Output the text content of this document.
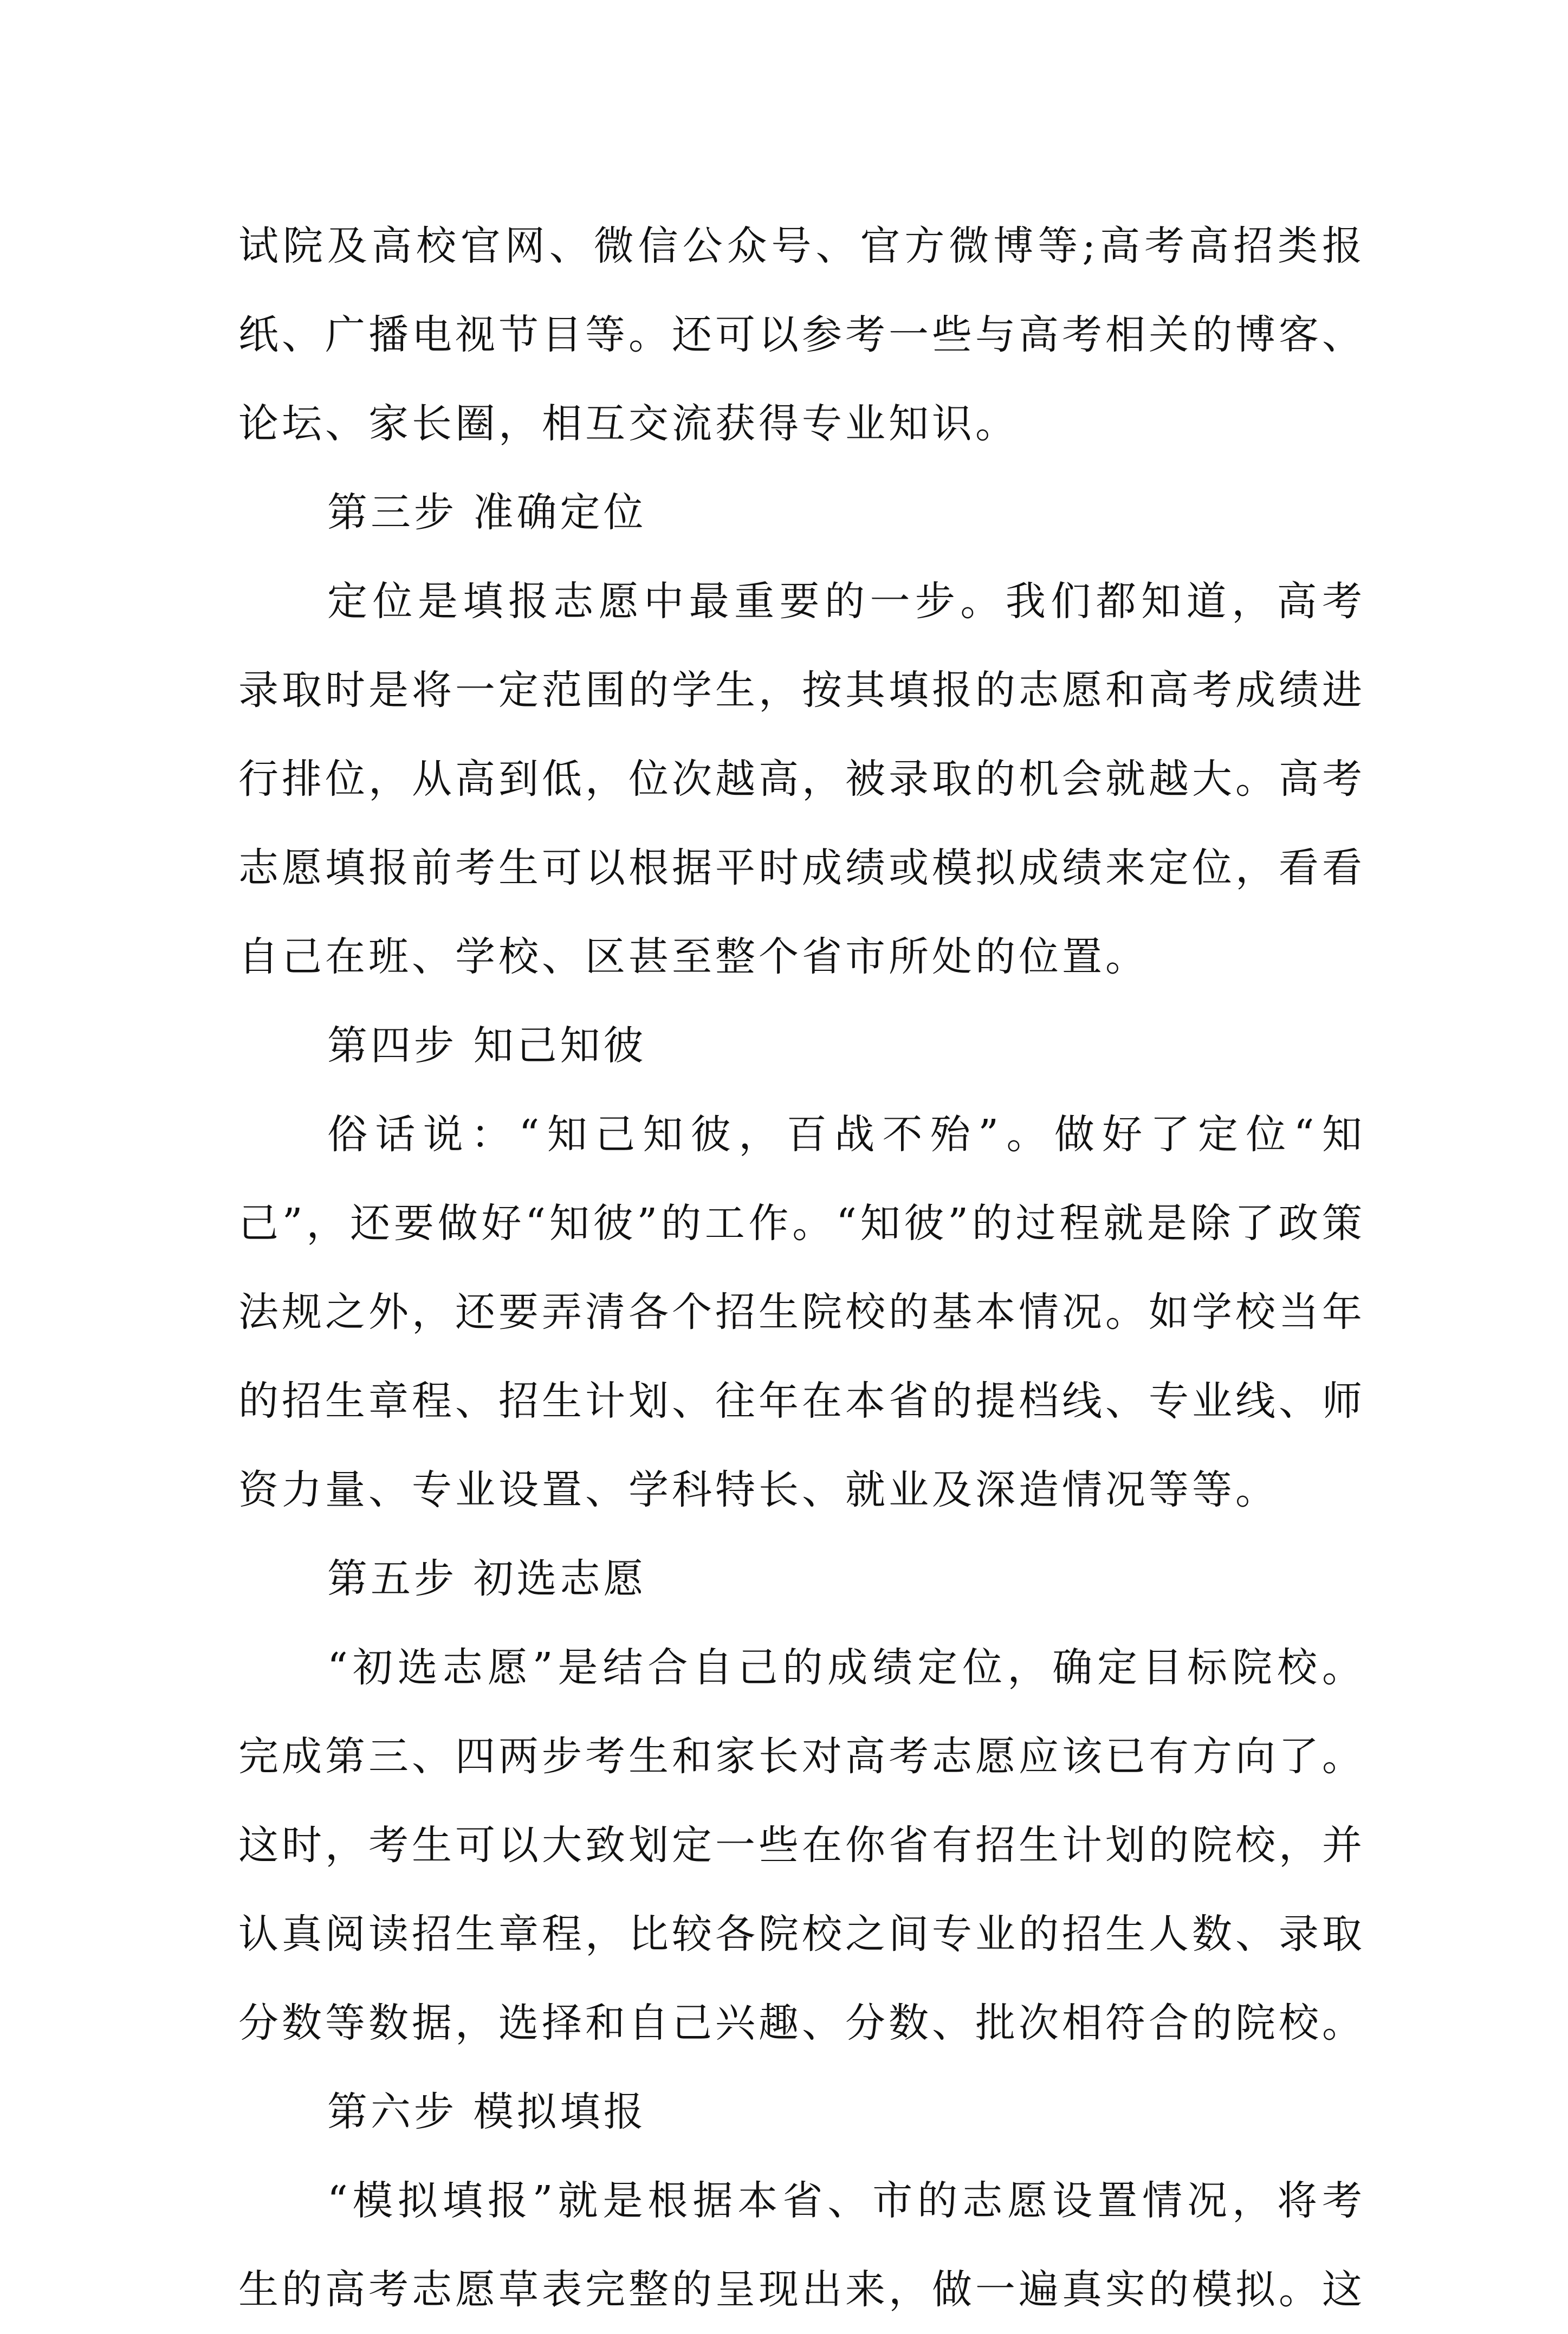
试院及高校官网、微信公众号、官方微博等;高考高招类报纸、广播电视节目等。还可以参考一些与高考相关的博客、论坛、家长圈，相互交流获得专业知识。

第三步 准确定位

定位是填报志愿中最重要的一步。我们都知道，高考录取时是将一定范围的学生，按其填报的志愿和高考成绩进行排位，从高到低，位次越高，被录取的机会就越大。高考志愿填报前考生可以根据平时成绩或模拟成绩来定位，看看自己在班、学校、区甚至整个省市所处的位置。

第四步 知己知彼

俗话说：“知己知彼，百战不殆”。做好了定位“知己”，还要做好“知彼”的工作。“知彼”的过程就是除了政策法规之外，还要弄清各个招生院校的基本情况。如学校当年的招生章程、招生计划、往年在本省的提档线、专业线、师资力量、专业设置、学科特长、就业及深造情况等等。

第五步 初选志愿

“初选志愿”是结合自己的成绩定位，确定目标院校。完成第三、四两步考生和家长对高考志愿应该已有方向了。这时，考生可以大致划定一些在你省有招生计划的院校，并认真阅读招生章程，比较各院校之间专业的招生人数、录取分数等数据，选择和自己兴趣、分数、批次相符合的院校。

第六步 模拟填报

“模拟填报”就是根据本省、市的志愿设置情况，将考生的高考志愿草表完整的呈现出来，做一遍真实的模拟。这
